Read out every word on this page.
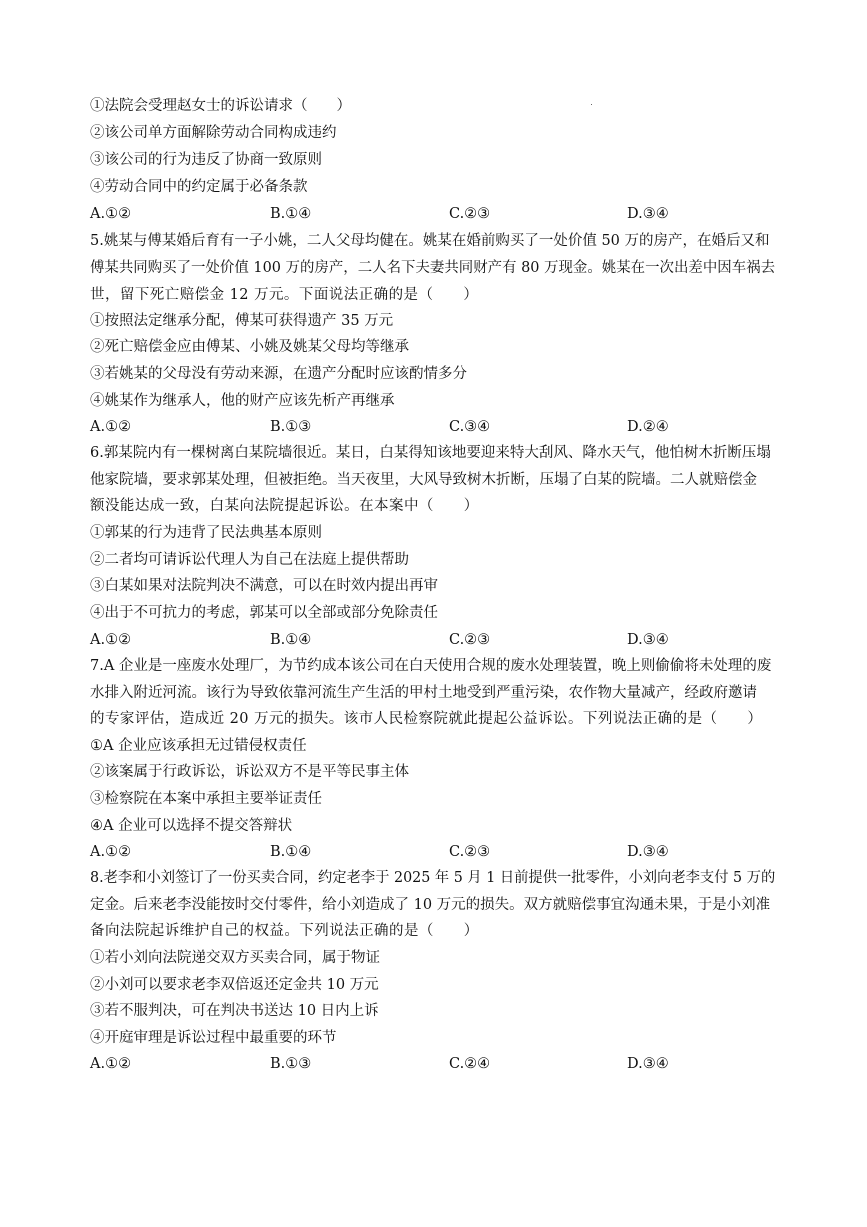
①法院会受理赵女士的诉讼请求（　　）
②该公司单方面解除劳动合同构成违约
③该公司的行为违反了协商一致原则
④劳动合同中的约定属于必备条款
A.①②	B.①④	C.②③	D.③④
5.姚某与傅某婚后育有一子小姚，二人父母均健在。姚某在婚前购买了一处价值 50 万的房产，在婚后又和
傅某共同购买了一处价值 100 万的房产，二人名下夫妻共同财产有 80 万现金。姚某在一次出差中因车祸去
世，留下死亡赔偿金 12 万元。下面说法正确的是（　　）
①按照法定继承分配，傅某可获得遗产 35 万元
②死亡赔偿金应由傅某、小姚及姚某父母均等继承
③若姚某的父母没有劳动来源，在遗产分配时应该酌情多分
④姚某作为继承人，他的财产应该先析产再继承
A.①②	B.①③	C.③④	D.②④
6.郭某院内有一棵树离白某院墙很近。某日，白某得知该地要迎来特大刮风、降水天气，他怕树木折断压塌
他家院墙，要求郭某处理，但被拒绝。当天夜里，大风导致树木折断，压塌了白某的院墙。二人就赔偿金
额没能达成一致，白某向法院提起诉讼。在本案中（　　）
①郭某的行为违背了民法典基本原则
②二者均可请诉讼代理人为自己在法庭上提供帮助
③白某如果对法院判决不满意，可以在时效内提出再审
④出于不可抗力的考虑，郭某可以全部或部分免除责任
A.①②	B.①④	C.②③	D.③④
7.A 企业是一座废水处理厂，为节约成本该公司在白天使用合规的废水处理装置，晚上则偷偷将未处理的废
水排入附近河流。该行为导致依靠河流生产生活的甲村土地受到严重污染，农作物大量减产，经政府邀请
的专家评估，造成近 20 万元的损失。该市人民检察院就此提起公益诉讼。下列说法正确的是（　　）
①A 企业应该承担无过错侵权责任
②该案属于行政诉讼，诉讼双方不是平等民事主体
③检察院在本案中承担主要举证责任
④A 企业可以选择不提交答辩状
A.①②	B.①④	C.②③	D.③④
8.老李和小刘签订了一份买卖合同，约定老李于 2025 年 5 月 1 日前提供一批零件，小刘向老李支付 5 万的
定金。后来老李没能按时交付零件，给小刘造成了 10 万元的损失。双方就赔偿事宜沟通未果，于是小刘准
备向法院起诉维护自己的权益。下列说法正确的是（　　）
①若小刘向法院递交双方买卖合同，属于物证
②小刘可以要求老李双倍返还定金共 10 万元
③若不服判决，可在判决书送达 10 日内上诉
④开庭审理是诉讼过程中最重要的环节
A.①②	B.①③	C.②④	D.③④
